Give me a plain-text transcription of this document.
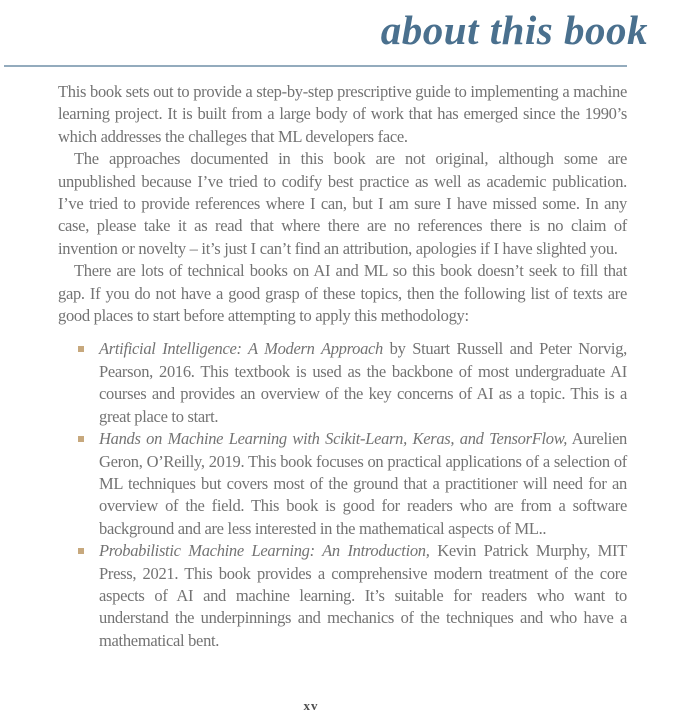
about this book

This book sets out to provide a step-by-step prescriptive guide to implementing a machine learning project. It is built from a large body of work that has emerged since the 1990’s which addresses the challeges that ML developers face.

The approaches documented in this book are not original, although some are unpublished because I’ve tried to codify best practice as well as academic publication. I’ve tried to provide references where I can, but I am sure I have missed some. In any case, please take it as read that where there are no references there is no claim of invention or novelty – it’s just I can’t find an attribution, apologies if I have slighted you.

There are lots of technical books on AI and ML so this book doesn’t seek to fill that gap. If you do not have a good grasp of these topics, then the following list of texts are good places to start before attempting to apply this methodology:

Artificial Intelligence: A Modern Approach by Stuart Russell and Peter Norvig, Pearson, 2016. This textbook is used as the backbone of most undergraduate AI courses and provides an overview of the key concerns of AI as a topic. This is a great place to start.
Hands on Machine Learning with Scikit-Learn, Keras, and TensorFlow, Aurelien Geron, O’Reilly, 2019. This book focuses on practical applications of a selection of ML techniques but covers most of the ground that a practitioner will need for an overview of the field. This book is good for readers who are from a software background and are less interested in the mathematical aspects of ML..
Probabilistic Machine Learning: An Introduction, Kevin Patrick Murphy, MIT Press, 2021. This book provides a comprehensive modern treatment of the core aspects of AI and machine learning. It’s suitable for readers who want to understand the underpinnings and mechanics of the techniques and who have a mathematical bent.
xv
